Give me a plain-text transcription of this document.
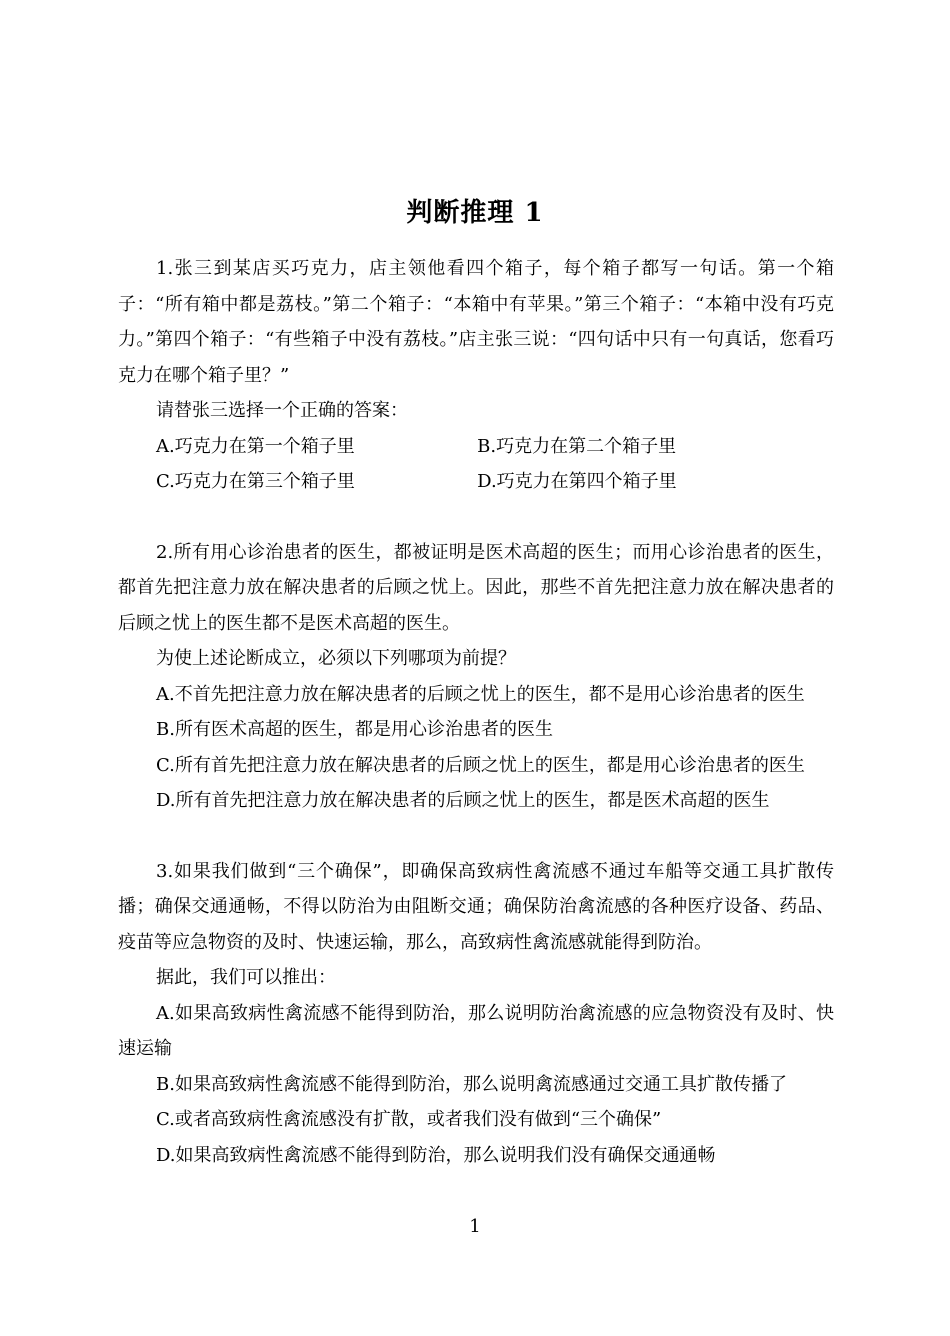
判断推理 1

1.张三到某店买巧克力，店主领他看四个箱子，每个箱子都写一句话。第一个箱子：“所有箱中都是荔枝。”第二个箱子：“本箱中有苹果。”第三个箱子：“本箱中没有巧克力。”第四个箱子：“有些箱子中没有荔枝。”店主张三说：“四句话中只有一句真话，您看巧克力在哪个箱子里？”

请替张三选择一个正确的答案：

A.巧克力在第一个箱子里	B.巧克力在第二个箱子里
C.巧克力在第三个箱子里	D.巧克力在第四个箱子里

2.所有用心诊治患者的医生，都被证明是医术高超的医生；而用心诊治患者的医生，都首先把注意力放在解决患者的后顾之忧上。因此，那些不首先把注意力放在解决患者的后顾之忧上的医生都不是医术高超的医生。

为使上述论断成立，必须以下列哪项为前提？

A.不首先把注意力放在解决患者的后顾之忧上的医生，都不是用心诊治患者的医生

B.所有医术高超的医生，都是用心诊治患者的医生

C.所有首先把注意力放在解决患者的后顾之忧上的医生，都是用心诊治患者的医生

D.所有首先把注意力放在解决患者的后顾之忧上的医生，都是医术高超的医生

3.如果我们做到“三个确保”，即确保高致病性禽流感不通过车船等交通工具扩散传播；确保交通通畅，不得以防治为由阻断交通；确保防治禽流感的各种医疗设备、药品、疫苗等应急物资的及时、快速运输，那么，高致病性禽流感就能得到防治。

据此，我们可以推出：

A.如果高致病性禽流感不能得到防治，那么说明防治禽流感的应急物资没有及时、快速运输

B.如果高致病性禽流感不能得到防治，那么说明禽流感通过交通工具扩散传播了

C.或者高致病性禽流感没有扩散，或者我们没有做到“三个确保”

D.如果高致病性禽流感不能得到防治，那么说明我们没有确保交通通畅

1
